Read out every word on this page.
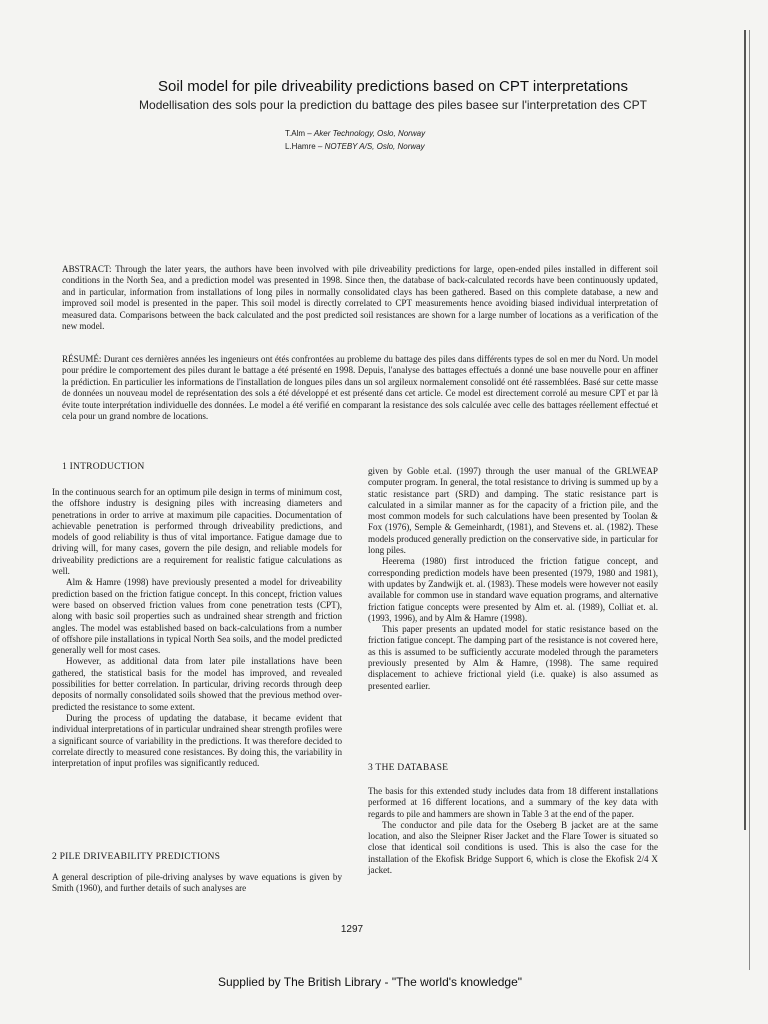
Soil model for pile driveability predictions based on CPT interpretations
Modellisation des sols pour la prediction du battage des piles basee sur l'interpretation des CPT
T.Alm – Aker Technology, Oslo, Norway
L.Hamre – NOTEBY A/S, Oslo, Norway
ABSTRACT: Through the later years, the authors have been involved with pile driveability predictions for large, open-ended piles installed in different soil conditions in the North Sea, and a prediction model was presented in 1998. Since then, the database of back-calculated records have been continuously updated, and in particular, information from installations of long piles in normally consolidated clays has been gathered. Based on this complete database, a new and improved soil model is presented in the paper. This soil model is directly correlated to CPT measurements hence avoiding biased individual interpretation of measured data. Comparisons between the back calculated and the post predicted soil resistances are shown for a large number of locations as a verification of the new model.
RÉSUMÉ: Durant ces dernières années les ingenieurs ont étés confrontées au probleme du battage des piles dans différents types de sol en mer du Nord. Un model pour prédire le comportement des piles durant le battage a été présenté en 1998. Depuis, l'analyse des battages effectués a donné une base nouvelle pour en affiner la prédiction. En particulier les informations de l'installation de longues piles dans un sol argileux normalement consolidé ont été rassemblées. Basé sur cette masse de données un nouveau model de représentation des sols a été développé et est présenté dans cet article. Ce model est directement corrolé au mesure CPT et par là évite toute interprétation individuelle des données. Le model a été verifié en comparant la resistance des sols calculée avec celle des battages réellement effectué et cela pour un grand nombre de locations.
1 INTRODUCTION

In the continuous search for an optimum pile design in terms of minimum cost, the offshore industry is designing piles with increasing diameters and penetrations in order to arrive at maximum pile capacities. Documentation of achievable penetration is performed through driveability predictions, and models of good reliability is thus of vital importance. Fatigue damage due to driving will, for many cases, govern the pile design, and reliable models for driveability predictions are a requirement for realistic fatigue calculations as well.

Alm & Hamre (1998) have previously presented a model for driveability prediction based on the friction fatigue concept. In this concept, friction values were based on observed friction values from cone penetration tests (CPT), along with basic soil properties such as undrained shear strength and friction angles. The model was established based on back-calculations from a number of offshore pile installations in typical North Sea soils, and the model predicted generally well for most cases.

However, as additional data from later pile installations have been gathered, the statistical basis for the model has improved, and revealed possibilities for better correlation. In particular, driving records through deep deposits of normally consolidated soils showed that the previous method over-predicted the resistance to some extent.

During the process of updating the database, it became evident that individual interpretations of in particular undrained shear strength profiles were a significant source of variability in the predictions. It was therefore decided to correlate directly to measured cone resistances. By doing this, the variability in interpretation of input profiles was significantly reduced.

2 PILE DRIVEABILITY PREDICTIONS

A general description of pile-driving analyses by wave equations is given by Smith (1960), and further details of such analyses are

given by Goble et.al. (1997) through the user manual of the GRLWEAP computer program. In general, the total resistance to driving is summed up by a static resistance part (SRD) and damping. The static resistance part is calculated in a similar manner as for the capacity of a friction pile, and the most common models for such calculations have been presented by Toolan & Fox (1976), Semple & Gemeinhardt, (1981), and Stevens et. al. (1982). These models produced generally prediction on the conservative side, in particular for long piles.

Heerema (1980) first introduced the friction fatigue concept, and corresponding prediction models have been presented (1979, 1980 and 1981), with updates by Zandwijk et. al. (1983). These models were however not easily available for common use in standard wave equation programs, and alternative friction fatigue concepts were presented by Alm et. al. (1989), Colliat et. al. (1993, 1996), and by Alm & Hamre (1998).

This paper presents an updated model for static resistance based on the friction fatigue concept. The damping part of the resistance is not covered here, as this is assumed to be sufficiently accurate modeled through the parameters previously presented by Alm & Hamre, (1998). The same required displacement to achieve frictional yield (i.e. quake) is also assumed as presented earlier.

3 THE DATABASE

The basis for this extended study includes data from 18 different installations performed at 16 different locations, and a summary of the key data with regards to pile and hammers are shown in Table 3 at the end of the paper.

The conductor and pile data for the Oseberg B jacket are at the same location, and also the Sleipner Riser Jacket and the Flare Tower is situated so close that identical soil conditions is used. This is also the case for the installation of the Ekofisk Bridge Support 6, which is close the Ekofisk 2/4 X jacket.

1297
Supplied by The British Library - "The world's knowledge"
